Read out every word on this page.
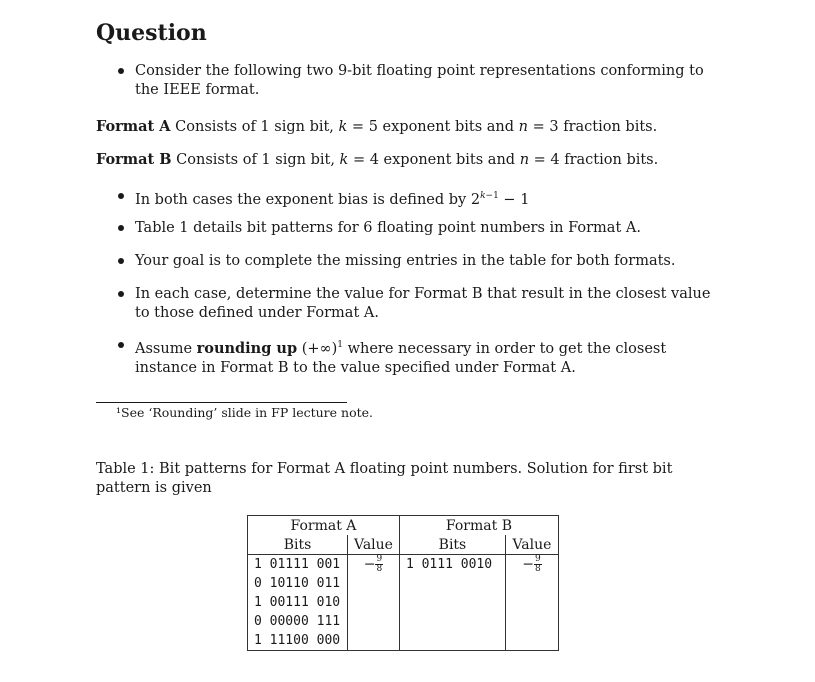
Question
Consider the following two 9-bit floating point representations conforming to the IEEE format.
Format A Consists of 1 sign bit, k = 5 exponent bits and n = 3 fraction bits.
Format B Consists of 1 sign bit, k = 4 exponent bits and n = 4 fraction bits.
In both cases the exponent bias is defined by $2^{k-1} - 1$
Table 1 details bit patterns for 6 floating point numbers in Format A.
Your goal is to complete the missing entries in the table for both formats.
In each case, determine the value for Format B that result in the closest value to those defined under Format A.
Assume rounding up (+∞)$^1$ where necessary in order to get the closest instance in Format B to the value specified under Format A.
¹See ‘Rounding’ slide in FP lecture note.
Table 1: Bit patterns for Format A floating point numbers. Solution for first bit pattern is given
Format A		Format B	
Bits	Value	Bits	Value
1 01111 001	− $\frac{9}{8}$	1 0111 0010	− $\frac{9}{8}$

0 10110 011			
1 00111 010			
0 00000 111			
1 11100 000			
